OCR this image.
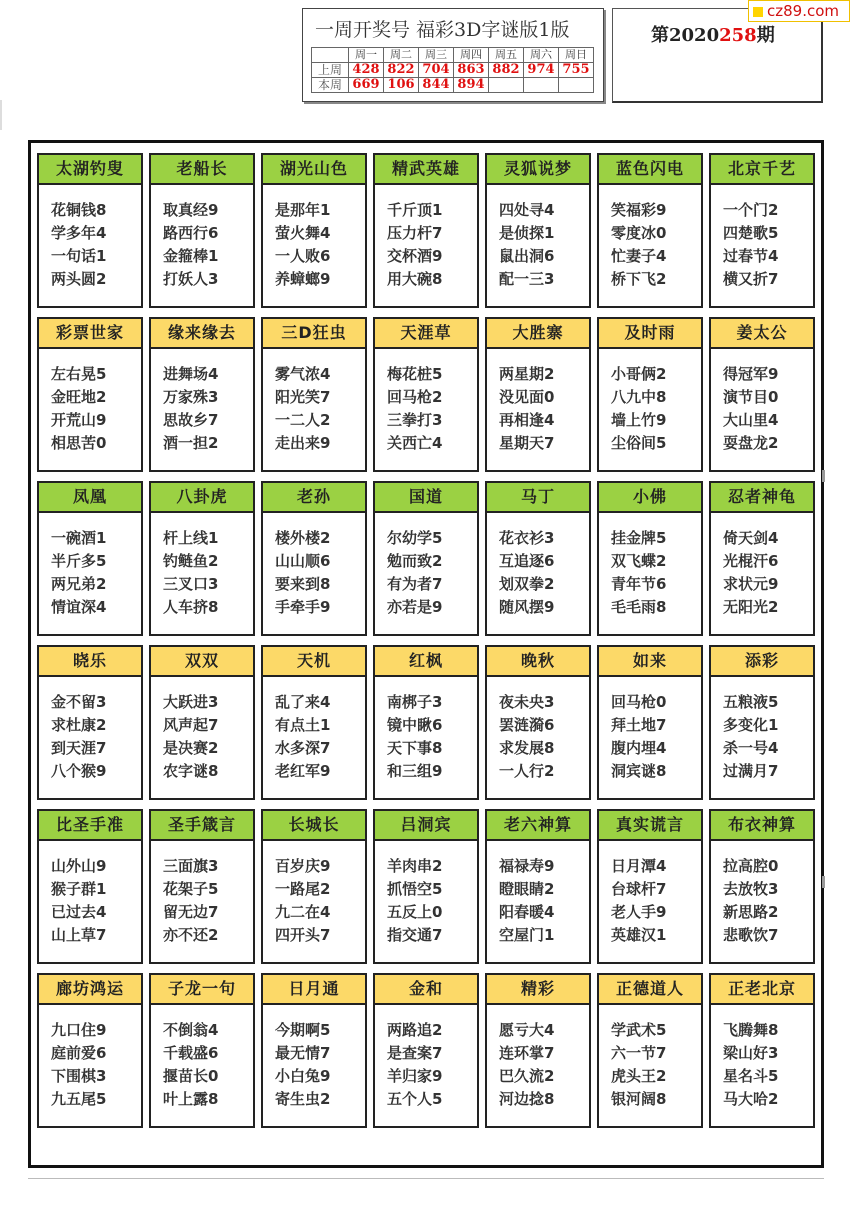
一周开奖号 福彩3D字谜版1版
	周一	周二	周三	周四	周五	周六	周日
上周	428	822	704	863	882	974	755
本周	669	106	844	894			
第2020258期
cz89.com
太湖钓叟
花铜钱8
学多年4
一句话1
两头圆2
老船长
取真经9
路西行6
金箍棒1
打妖人3
湖光山色
是那年1
萤火舞4
一人败6
养蟑螂9
精武英雄
千斤顶1
压力杆7
交杯酒9
用大碗8
灵狐说梦
四处寻4
是侦探1
鼠出洞6
配一三3
蓝色闪电
笑福彩9
零度冰0
忙妻子4
桥下飞2
北京千艺
一个门2
四楚歌5
过春节4
横又折7
彩票世家
左右晃5
金旺地2
开荒山9
相思苦0
缘来缘去
进舞场4
万家殊3
思故乡7
酒一担2
三D狂虫
雾气浓4
阳光笑7
一二人2
走出来9
天涯草
梅花桩5
回马枪2
三拳打3
关西亡4
大胜寨
两星期2
没见面0
再相逢4
星期天7
及时雨
小哥俩2
八九中8
墙上竹9
尘俗间5
姜太公
得冠军9
演节目0
大山里4
耍盘龙2
凤凰
一碗酒1
半斤多5
两兄弟2
情谊深4
八卦虎
杆上线1
钓鲢鱼2
三叉口3
人车挤8
老孙
楼外楼2
山山顺6
要来到8
手牵手9
国道
尔幼学5
勉而致2
有为者7
亦若是9
马丁
花衣衫3
互追逐6
划双拳2
随风摆9
小佛
挂金牌5
双飞蝶2
青年节6
毛毛雨8
忍者神龟
倚天剑4
光棍汗6
求状元9
无阳光2
晓乐
金不留3
求杜康2
到天涯7
八个猴9
双双
大跃进3
风声起7
是决赛2
农字谜8
天机
乱了来4
有点土1
水多深7
老红军9
红枫
南梆子3
镜中瞅6
天下事8
和三组9
晚秋
夜未央3
罢涟漪6
求发展8
一人行2
如来
回马枪0
拜土地7
腹内埋4
洞宾谜8
添彩
五粮液5
多变化1
杀一号4
过满月7
比圣手准
山外山9
猴子群1
已过去4
山上草7
圣手箴言
三面旗3
花架子5
留无边7
亦不还2
长城长
百岁庆9
一路尾2
九二在4
四开头7
吕洞宾
羊肉串2
抓悟空5
五反上0
指交通7
老六神算
福禄寿9
瞪眼睛2
阳春暖4
空屋门1
真实谎言
日月潭4
台球杆7
老人手9
英雄汉1
布衣神算
拉高腔0
去放牧3
新思路2
悲歌饮7
廊坊鸿运
九口住9
庭前爱6
下围棋3
九五尾5
子龙一句
不倒翁4
千载盛6
揠苗长0
叶上露8
日月通
今期啊5
最无情7
小白兔9
寄生虫2
金和
两路追2
是查案7
羊归家9
五个人5
精彩
愿亏大4
连环掌7
巴久流2
河边捻8
正德道人
学武术5
六一节7
虎头王2
银河阔8
正老北京
飞腾舞8
梁山好3
星名斗5
马大哈2
